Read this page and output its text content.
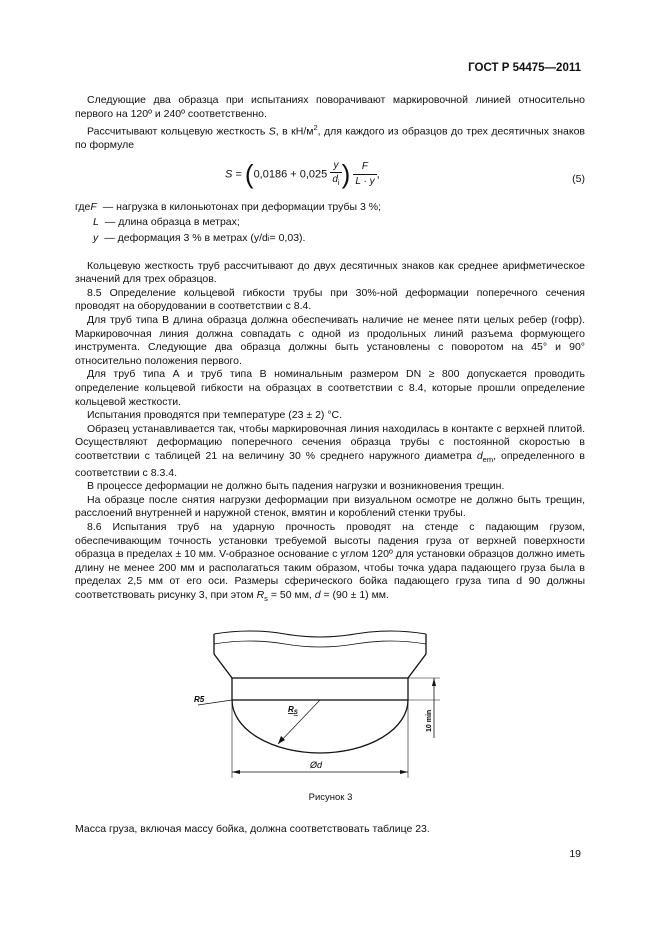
ГОСТ Р 54475—2011

Следующие два образца при испытаниях поворачивают маркировочной линией относительно первого на 120º и 240º соответственно.

Рассчитывают кольцевую жесткость S, в $кН/м^2$, для каждого из образцов до трех десятичных знаков по формуле

$S = (0,0186 + 0,025 \frac{y}{d_i}$ ) $\frac{F}{L \cdot y}$ ,	(5)
где F — нагрузка в килоньютонах при деформации трубы 3 %;
L — длина образца в метрах;
y — деформация 3 % в метрах (y/d i = 0,03).

Кольцевую жесткость труб рассчитывают до двух десятичных знаков как среднее арифметическое значений для трех образцов.

8.5 Определение кольцевой гибкости трубы при 30%-ной деформации поперечного сечения проводят на оборудовании в соответствии с 8.4.

Для труб типа В длина образца должна обеспечивать наличие не менее пяти целых ребер (гофр). Маркировочная линия должна совпадать с одной из продольных линий разъема формующего инструмента. Следующие два образца должны быть установлены с поворотом на 45° и 90° относительно положения первого.

Для труб типа А и труб типа В номинальным размером DN ≥ 800 допускается проводить определение кольцевой гибкости на образцах в соответствии с 8.4, которые прошли определение кольцевой жесткости.

Испытания проводятся при температуре (23 ± 2) °С.

Образец устанавливается так, чтобы маркировочная линия находилась в контакте с верхней плитой. Осуществляют деформацию поперечного сечения образца трубы с постоянной скоростью в соответствии с таблицей 21 на величину 30 % среднего наружного диаметра $d_{em}$, определенного в соответствии с 8.3.4.

В процессе деформации не должно быть падения нагрузки и возникновения трещин.

На образце после снятия нагрузки деформации при визуальном осмотре не должно быть трещин, расслоений внутренней и наружной стенок, вмятин и короблений стенки трубы.

8.6 Испытания труб на ударную прочность проводят на стенде с падающим грузом, обеспечивающим точность установки требуемой высоты падения груза от верхней поверхности образца в пределах ± 10 мм. V-образное основание с углом 120º для установки образцов должно иметь длину не менее 200 мм и располагаться таким образом, чтобы точка удара падающего груза была в пределах 2,5 мм от его оси. Размеры сферического бойка падающего груза типа d 90 должны соответствовать рисунку 3, при этом $R_s = 50$ мм, d = (90 ± 1) мм.

R5
$R_S$
Ød
10 min
Рисунок 3
Масса груза, включая массу бойка, должна соответствовать таблице 23.
19
